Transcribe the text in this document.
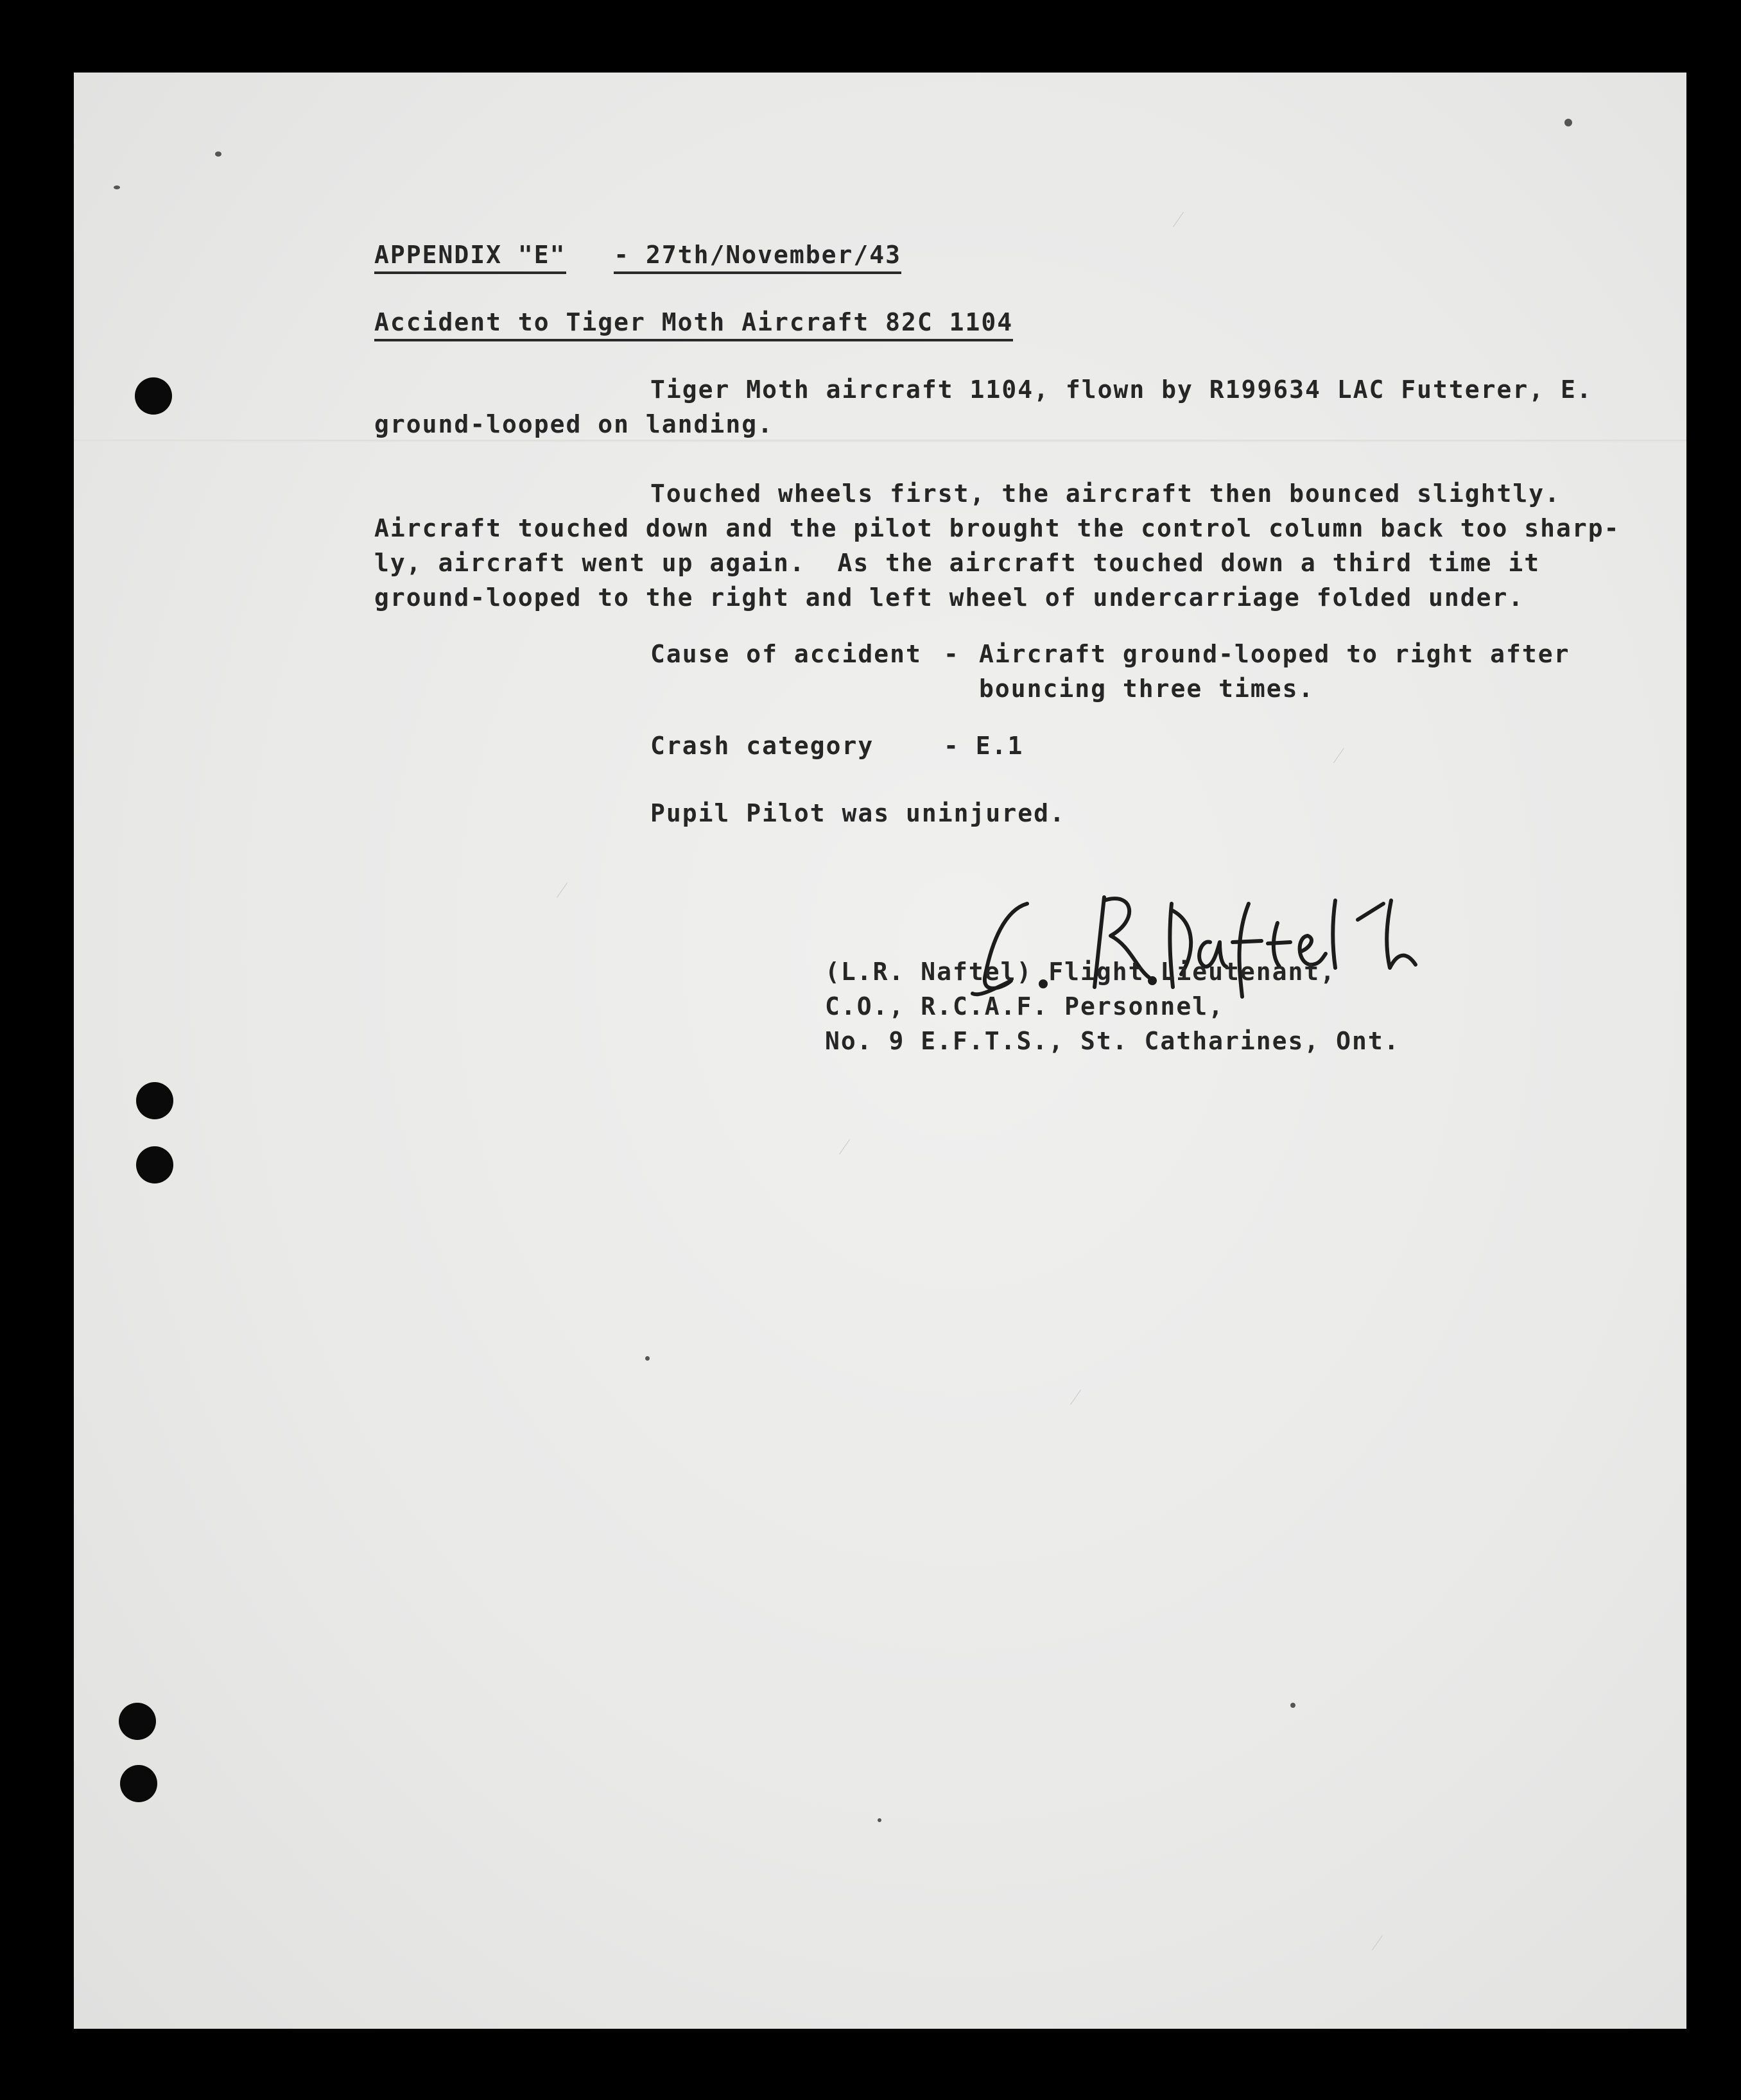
APPENDIX "E" - 27th/November/43
Accident to Tiger Moth Aircraft 82C 1104
Tiger Moth aircraft 1104, flown by R199634 LAC Futterer, E.
ground-looped on landing.
Touched wheels first, the aircraft then bounced slightly.
Aircraft touched down and the pilot brought the control column back too sharp-
ly, aircraft went up again.  As the aircraft touched down a third time it
ground-looped to the right and left wheel of undercarriage folded under.
Cause of accident - Aircraft ground-looped to right after
bouncing three times.
Crash category	- E.1
Pupil Pilot was uninjured.
(L.R. Naftel) Flight Lieutenant,
C.O., R.C.A.F. Personnel,
No. 9 E.F.T.S., St. Catharines, Ont.
